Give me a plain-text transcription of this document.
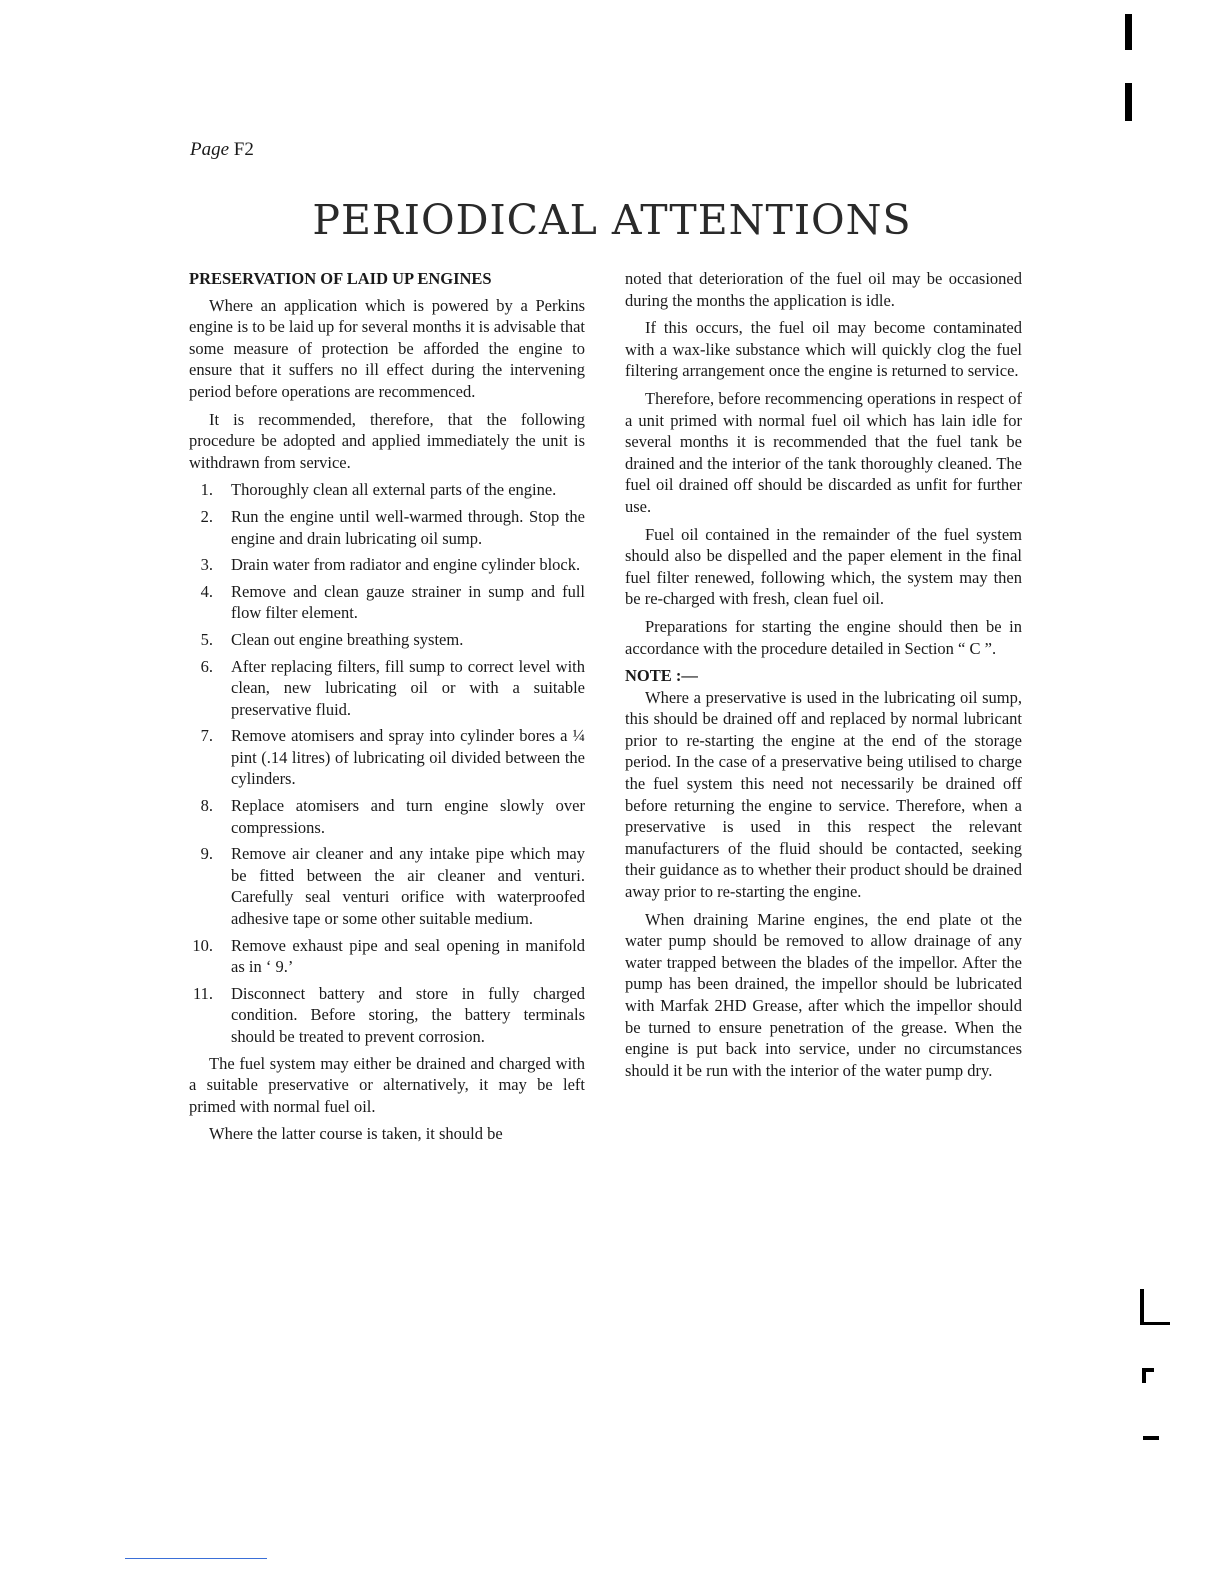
Page F2
PERIODICAL ATTENTIONS
PRESERVATION OF LAID UP ENGINES

Where an application which is powered by a Perkins engine is to be laid up for several months it is advisable that some measure of protection be afforded the engine to ensure that it suffers no ill effect during the intervening period before operations are recommenced.

It is recommended, therefore, that the following procedure be adopted and applied immediately the unit is withdrawn from service.

1. Thoroughly clean all external parts of the engine.
2. Run the engine until well-warmed through. Stop the engine and drain lubricating oil sump.
3. Drain water from radiator and engine cylinder block.
4. Remove and clean gauze strainer in sump and full flow filter element.
5. Clean out engine breathing system.
6. After replacing filters, fill sump to correct level with clean, new lubricating oil or with a suitable preservative fluid.
7. Remove atomisers and spray into cylinder bores a ¼ pint (.14 litres) of lubricating oil divided between the cylinders.
8. Replace atomisers and turn engine slowly over compressions.
9. Remove air cleaner and any intake pipe which may be fitted between the air cleaner and venturi. Carefully seal venturi orifice with waterproofed adhesive tape or some other suitable medium.
10. Remove exhaust pipe and seal opening in manifold as in ‘ 9.’
11. Disconnect battery and store in fully charged condition. Before storing, the battery terminals should be treated to prevent corrosion.

The fuel system may either be drained and charged with a suitable preservative or alternatively, it may be left primed with normal fuel oil.

Where the latter course is taken, it should be

noted that deterioration of the fuel oil may be occasioned during the months the application is idle.

If this occurs, the fuel oil may become contaminated with a wax-like substance which will quickly clog the fuel filtering arrangement once the engine is returned to service.

Therefore, before recommencing operations in respect of a unit primed with normal fuel oil which has lain idle for several months it is recommended that the fuel tank be drained and the interior of the tank thoroughly cleaned. The fuel oil drained off should be discarded as unfit for further use.

Fuel oil contained in the remainder of the fuel system should also be dispelled and the paper element in the final fuel filter renewed, following which, the system may then be re-charged with fresh, clean fuel oil.

Preparations for starting the engine should then be in accordance with the procedure detailed in Section “ C ”.

NOTE :—

Where a preservative is used in the lubricating oil sump, this should be drained off and replaced by normal lubricant prior to re-starting the engine at the end of the storage period. In the case of a preservative being utilised to charge the fuel system this need not necessarily be drained off before returning the engine to service. Therefore, when a preservative is used in this respect the relevant manufacturers of the fluid should be contacted, seeking their guidance as to whether their product should be drained away prior to re-starting the engine.

When draining Marine engines, the end plate ot the water pump should be removed to allow drainage of any water trapped between the blades of the impellor. After the pump has been drained, the impellor should be lubricated with Marfak 2HD Grease, after which the impellor should be turned to ensure penetration of the grease. When the engine is put back into service, under no circumstances should it be run with the interior of the water pump dry.
